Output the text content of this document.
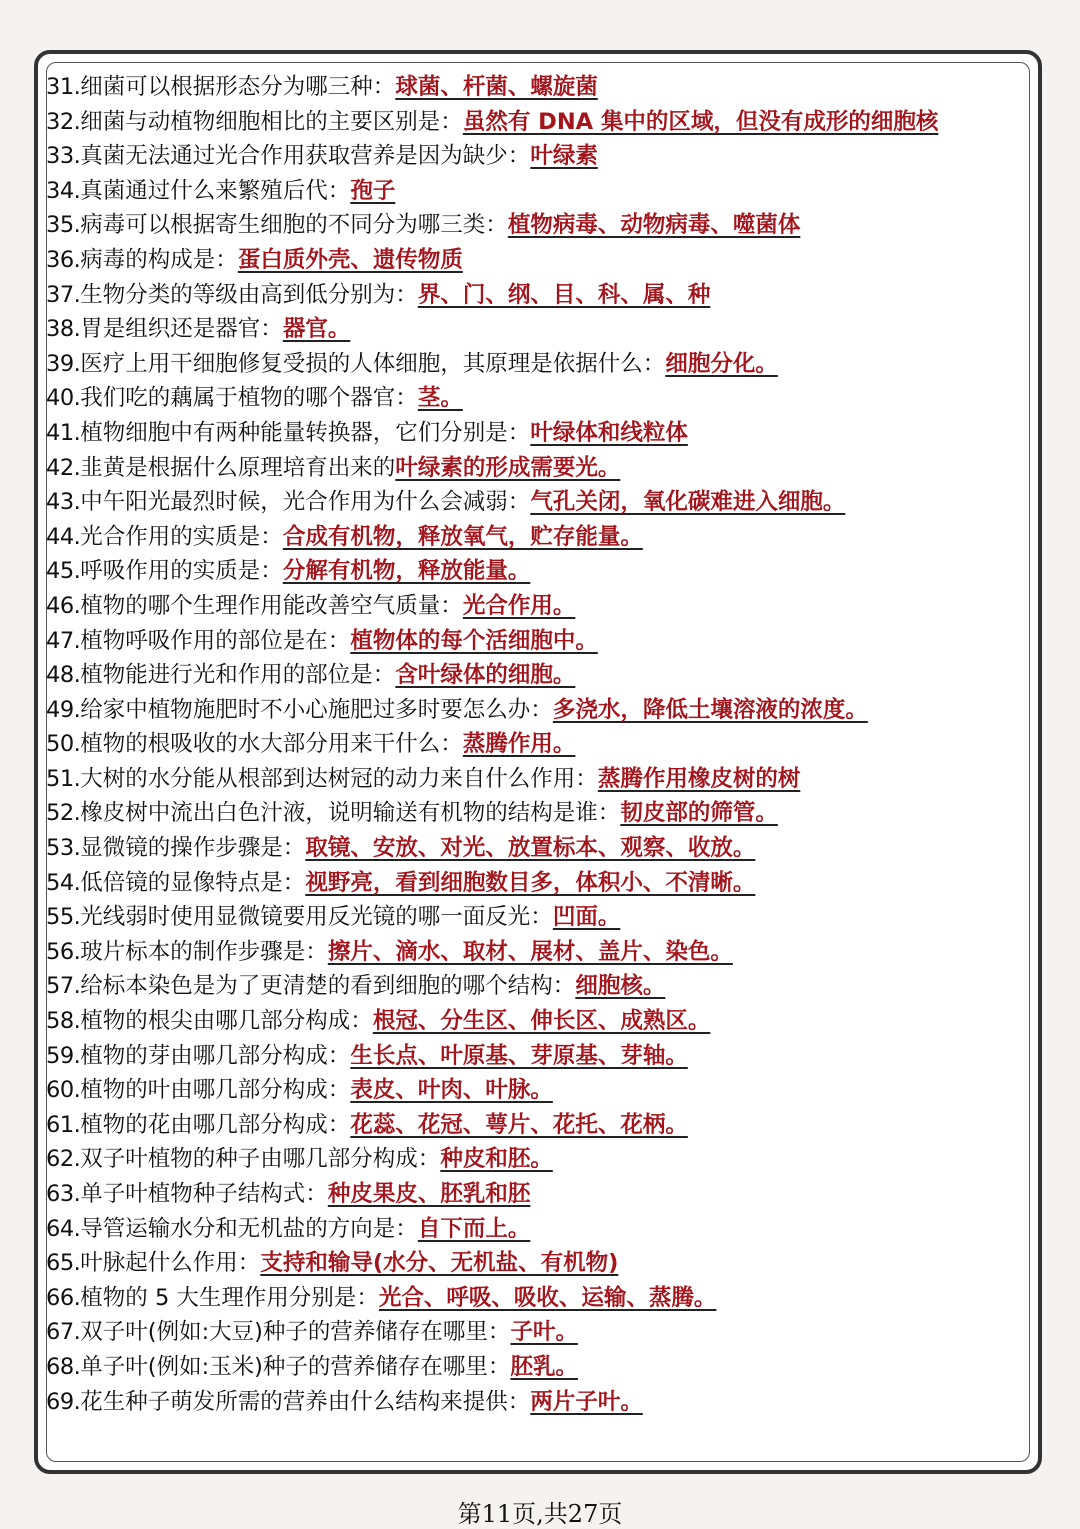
31.细菌可以根据形态分为哪三种：球菌、杆菌、螺旋菌
32.细菌与动植物细胞相比的主要区别是：虽然有 DNA 集中的区域，但没有成形的细胞核
33.真菌无法通过光合作用获取营养是因为缺少：叶绿素
34.真菌通过什么来繁殖后代：孢子
35.病毒可以根据寄生细胞的不同分为哪三类：植物病毒、动物病毒、噬菌体
36.病毒的构成是：蛋白质外壳、遗传物质
37.生物分类的等级由高到低分别为：界、门、纲、目、科、属、种
38.胃是组织还是器官：器官。
39.医疗上用干细胞修复受损的人体细胞，其原理是依据什么：细胞分化。
40.我们吃的藕属于植物的哪个器官：茎。
41.植物细胞中有两种能量转换器，它们分别是：叶绿体和线粒体
42.韭黄是根据什么原理培育出来的叶绿素的形成需要光。
43.中午阳光最烈时候，光合作用为什么会减弱：气孔关闭，氧化碳难进入细胞。
44.光合作用的实质是：合成有机物，释放氧气，贮存能量。
45.呼吸作用的实质是：分解有机物，释放能量。
46.植物的哪个生理作用能改善空气质量：光合作用。
47.植物呼吸作用的部位是在：植物体的每个活细胞中。
48.植物能进行光和作用的部位是：含叶绿体的细胞。
49.给家中植物施肥时不小心施肥过多时要怎么办：多浇水，降低土壤溶液的浓度。
50.植物的根吸收的水大部分用来干什么：蒸腾作用。
51.大树的水分能从根部到达树冠的动力来自什么作用：蒸腾作用橡皮树的树
52.橡皮树中流出白色汁液，说明输送有机物的结构是谁：韧皮部的筛管。
53.显微镜的操作步骤是：取镜、安放、对光、放置标本、观察、收放。
54.低倍镜的显像特点是：视野亮，看到细胞数目多，体积小、不清晰。
55.光线弱时使用显微镜要用反光镜的哪一面反光：凹面。
56.玻片标本的制作步骤是：擦片、滴水、取材、展材、盖片、染色。
57.给标本染色是为了更清楚的看到细胞的哪个结构：细胞核。
58.植物的根尖由哪几部分构成：根冠、分生区、伸长区、成熟区。
59.植物的芽由哪几部分构成：生长点、叶原基、芽原基、芽轴。
60.植物的叶由哪几部分构成：表皮、叶肉、叶脉。
61.植物的花由哪几部分构成：花蕊、花冠、萼片、花托、花柄。
62.双子叶植物的种子由哪几部分构成：种皮和胚。
63.单子叶植物种子结构式：种皮果皮、胚乳和胚
64.导管运输水分和无机盐的方向是：自下而上。
65.叶脉起什么作用：支持和输导(水分、无机盐、有机物)
66.植物的 5 大生理作用分别是：光合、呼吸、吸收、运输、蒸腾。
67.双子叶(例如:大豆)种子的营养储存在哪里：子叶。
68.单子叶(例如:玉米)种子的营养储存在哪里：胚乳。
69.花生种子萌发所需的营养由什么结构来提供：两片子叶。
第11页,共27页
